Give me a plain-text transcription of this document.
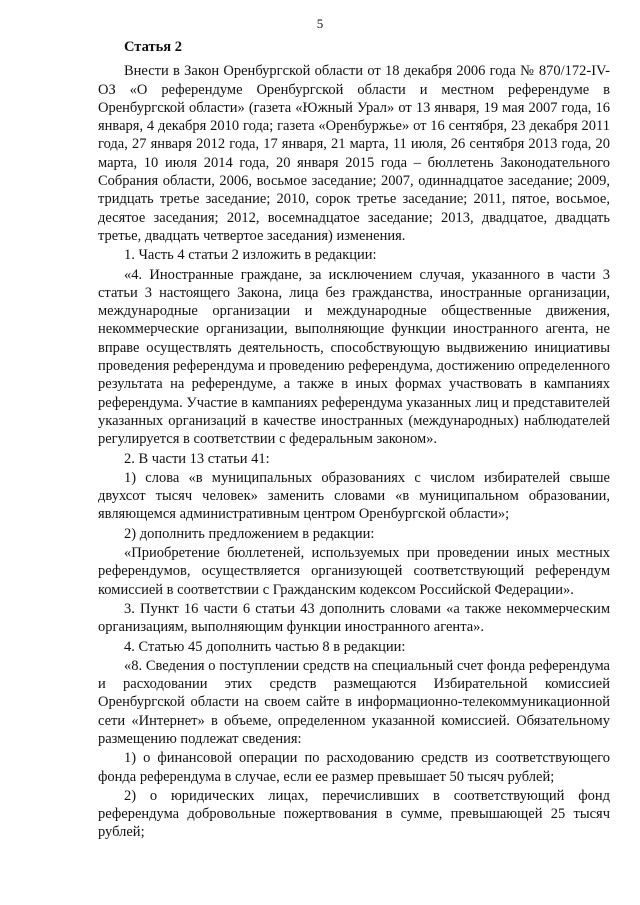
5
Статья 2

Внести в Закон Оренбургской области от 18 декабря 2006 года № 870/172-IV-ОЗ «О референдуме Оренбургской области и местном референдуме в Оренбургской области» (газета «Южный Урал» от 13 января, 19 мая 2007 года, 16 января, 4 декабря 2010 года; газета «Оренбуржье» от 16 сентября, 23 декабря 2011 года, 27 января 2012 года, 17 января, 21 марта, 11 июля, 26 сентября 2013 года, 20 марта, 10 июля 2014 года, 20 января 2015 года – бюллетень Законодательного Собрания области, 2006, восьмое заседание; 2007, одиннадцатое заседание; 2009, тридцать третье заседание; 2010, сорок третье заседание; 2011, пятое, восьмое, десятое заседания; 2012, восемнадцатое заседание; 2013, двадцатое, двадцать третье, двадцать четвертое заседания) изменения.

1. Часть 4 статьи 2 изложить в редакции:

«4. Иностранные граждане, за исключением случая, указанного в части 3 статьи 3 настоящего Закона, лица без гражданства, иностранные организации, международные организации и международные общественные движения, некоммерческие организации, выполняющие функции иностранного агента, не вправе осуществлять деятельность, способствующую выдвижению инициативы проведения референдума и проведению референдума, достижению определенного результата на референдуме, а также в иных формах участвовать в кампаниях референдума. Участие в кампаниях референдума указанных лиц и представителей указанных организаций в качестве иностранных (международных) наблюдателей регулируется в соответствии с федеральным законом».

2. В части 13 статьи 41:

1) слова «в муниципальных образованиях с числом избирателей свыше двухсот тысяч человек» заменить словами «в муниципальном образовании, являющемся административным центром Оренбургской области»;

2) дополнить предложением в редакции:

«Приобретение бюллетеней, используемых при проведении иных местных референдумов, осуществляется организующей соответствующий референдум комиссией в соответствии с Гражданским кодексом Российской Федерации».

3. Пункт 16 части 6 статьи 43 дополнить словами «а также некоммерческим организациям, выполняющим функции иностранного агента».

4. Статью 45 дополнить частью 8 в редакции:

«8. Сведения о поступлении средств на специальный счет фонда референдума и расходовании этих средств размещаются Избирательной комиссией Оренбургской области на своем сайте в информационно-телекоммуникационной сети «Интернет» в объеме, определенном указанной комиссией. Обязательному размещению подлежат сведения:

1) о финансовой операции по расходованию средств из соответствующего фонда референдума в случае, если ее размер превышает 50 тысяч рублей;

2) о юридических лицах, перечисливших в соответствующий фонд референдума добровольные пожертвования в сумме, превышающей 25 тысяч рублей;
